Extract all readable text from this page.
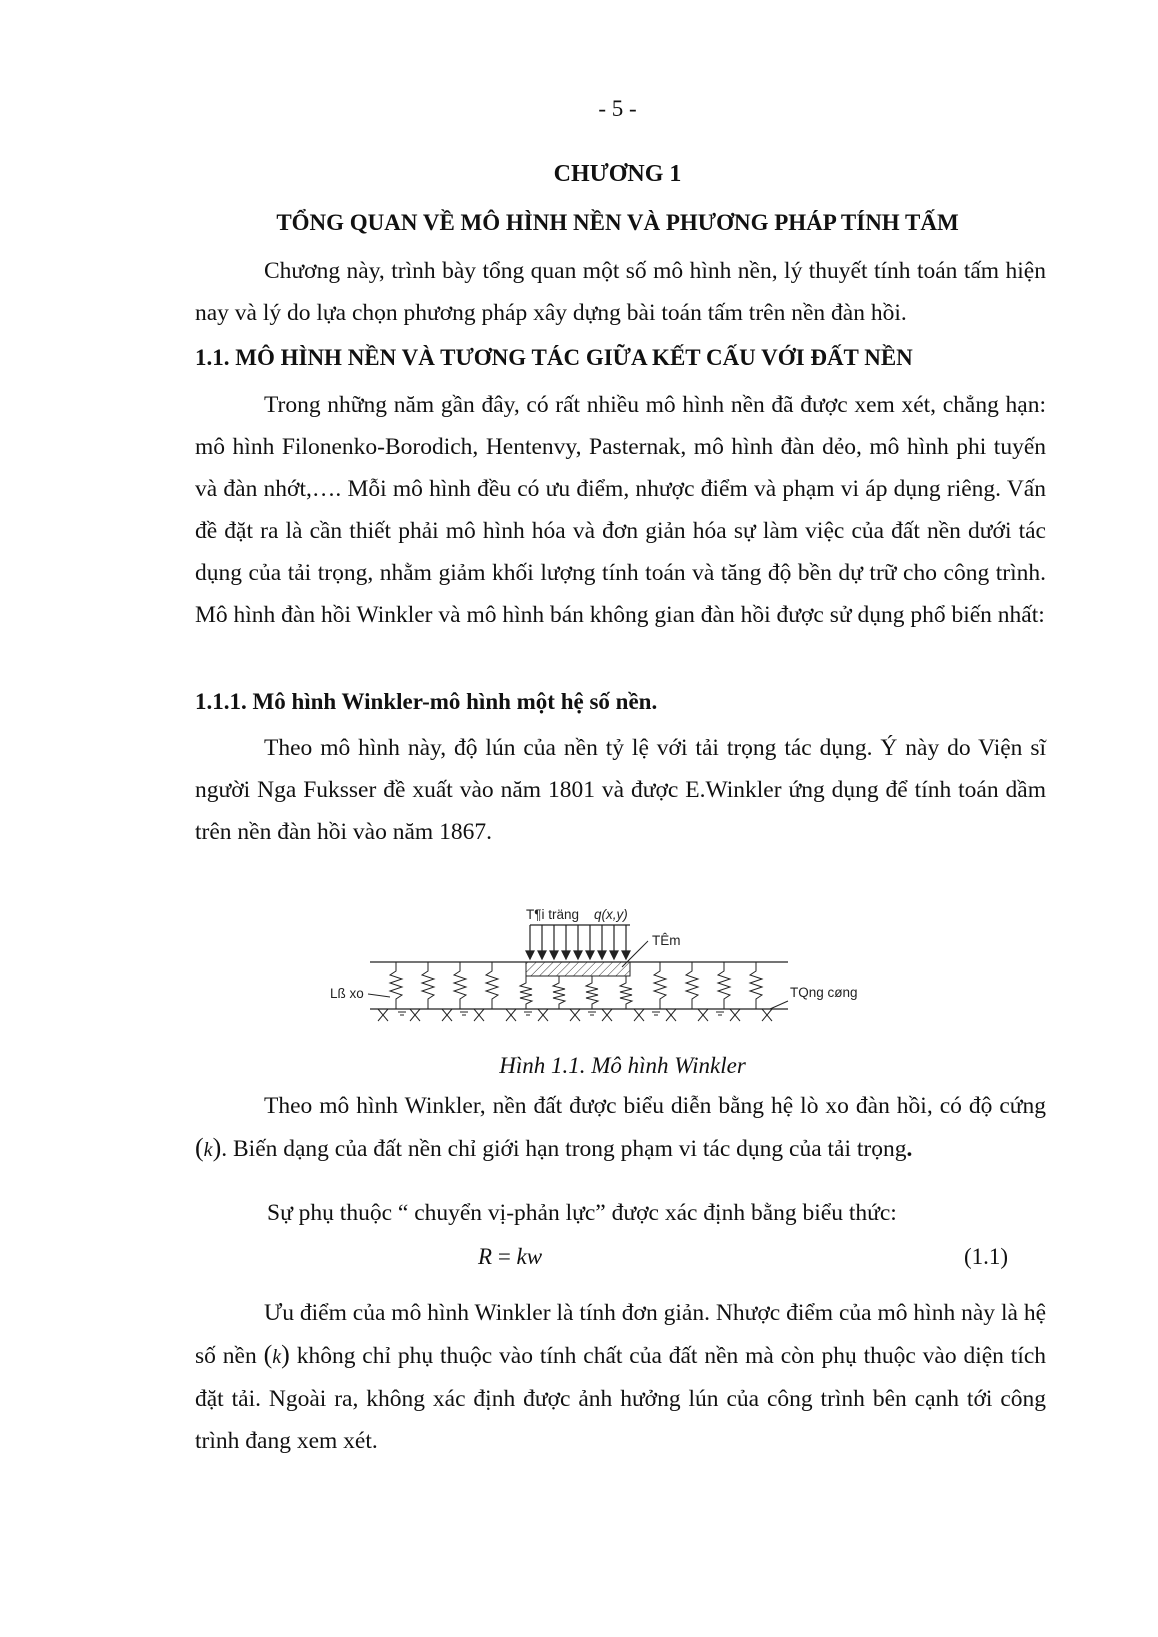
- 5 -
CHƯƠNG 1
TỔNG QUAN VỀ MÔ HÌNH NỀN VÀ PHƯƠNG PHÁP TÍNH TẤM

Chương này, trình bày tổng quan một số mô hình nền, lý thuyết tính toán tấm hiện nay và lý do lựa chọn phương pháp xây dựng bài toán tấm trên nền đàn hồi.

1.1. MÔ HÌNH NỀN VÀ TƯƠNG TÁC GIỮA KẾT CẤU VỚI ĐẤT NỀN

Trong những năm gần đây, có rất nhiều mô hình nền đã được xem xét, chẳng hạn: mô hình Filonenko-Borodich, Hentenvy, Pasternak, mô hình đàn dẻo, mô hình phi tuyến và đàn nhớt,…. Mỗi mô hình đều có ưu điểm, nhược điểm và phạm vi áp dụng riêng. Vấn đề đặt ra là cần thiết phải mô hình hóa và đơn giản hóa sự làm việc của đất nền dưới tác dụng của tải trọng, nhằm giảm khối lượng tính toán và tăng độ bền dự trữ cho công trình. Mô hình đàn hồi Winkler và mô hình bán không gian đàn hồi được sử dụng phổ biến nhất:

1.1.1. Mô hình Winkler-mô hình một hệ số nền.

Theo mô hình này, độ lún của nền tỷ lệ với tải trọng tác dụng. Ý này do Viện sĩ người Nga Fuksser đề xuất vào năm 1801 và được E.Winkler ứng dụng để tính toán dầm trên nền đàn hồi vào năm 1867.

T¶i träng q(x,y)
TÊm
Lß xo	TQng cøng
Hình 1.1. Mô hình Winkler

Theo mô hình Winkler, nền đất được biểu diễn bằng hệ lò xo đàn hồi, có độ cứng (k). Biến dạng của đất nền chỉ giới hạn trong phạm vi tác dụng của tải trọng.

Sự phụ thuộc “ chuyển vị-phản lực” được xác định bằng biểu thức:

R = kw	(1.1)

Ưu điểm của mô hình Winkler là tính đơn giản. Nhược điểm của mô hình này là hệ số nền (k) không chỉ phụ thuộc vào tính chất của đất nền mà còn phụ thuộc vào diện tích đặt tải. Ngoài ra, không xác định được ảnh hưởng lún của công trình bên cạnh tới công trình đang xem xét.
